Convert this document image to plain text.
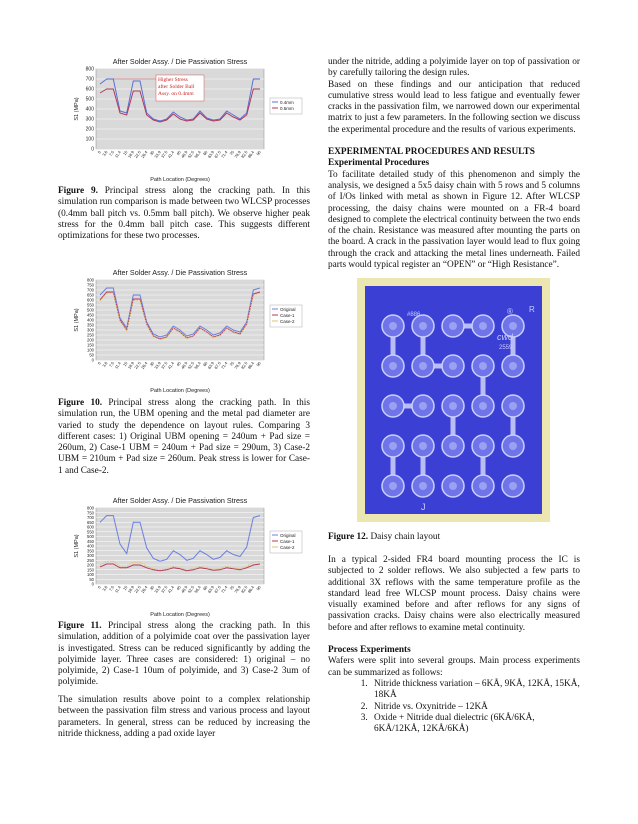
After Solder Assy. / Die Passivation Stress
0
100
200
300
400
500
600
700
800
S1 (MPa)
0 3.6 7.5
11.4 15
18.9
22.5
26.4 30
33.9
37.5
41.4 45
48.9
52.5
56.4 60
63.9
67.5
71.4 75
78.9
82.5
86.4 90
Path Location (Degrees)
0.4mm
0.5mm
Higher Stress
after Solder Ball
Assy. on 0.4mm

Figure 9. Principal stress along the cracking path. In this simulation run comparison is made between two WLCSP processes (0.4mm ball pitch vs. 0.5mm ball pitch). We observe higher peak stress for the 0.4mm ball pitch case. This suggests different optimizations for these two processes.

After Solder Assy. / Die Passivation Stress
0
50
100
150
200
250
300
350
400
450
500
550
600
650
700
750
800
S1 (MPa)
0 3.6 7.5
11.4 15
18.9
22.5
26.4 30
33.9
37.5
41.4 45
48.9
52.5
56.4 60
63.9
67.5
71.4 75
78.9
82.5
86.4 90
Path Location (Degrees)
Original
Case-1
Case-2

Figure 10. Principal stress along the cracking path. In this simulation run, the UBM opening and the metal pad diameter are varied to study the dependence on layout rules. Comparing 3 different cases: 1) Original UBM opening = 240um + Pad size = 260um, 2) Case-1 UBM = 240um + Pad size = 290um, 3) Case-2 UBM = 210um + Pad size = 260um. Peak stress is lower for Case-1 and Case-2.

After Solder Assy. / Die Passivation Stress
0
50
100
150
200
250
300
350
400
450
500
550
600
650
700
750
800
S1 (MPa)
0 3.6 7.5
11.4 15
18.9
22.5
26.4 30
33.9
37.5
41.4 45
48.9
52.5
56.4 60
63.9
67.5
71.4 75
78.9
82.5
86.4 90
Path Location (Degrees)
Original
Case-1
Case-2

Figure 11. Principal stress along the cracking path. In this simulation, addition of a polyimide coat over the passivation layer is investigated. Stress can be reduced significantly by adding the polyimide layer. Three cases are considered: 1) original – no polyimide, 2) Case-1 10um of polyimide, and 3) Case-2 3um of polyimide.

The simulation results above point to a complex relationship between the passivation film stress and various process and layout parameters. In general, stress can be reduced by increasing the nitride thickness, adding a pad oxide layer

under the nitride, adding a polyimide layer on top of passivation or by carefully tailoring the design rules.

Based on these findings and our anticipation that reduced cumulative stress would lead to less fatigue and eventually fewer cracks in the passivation film, we narrowed down our experimental matrix to just a few parameters. In the following section we discuss the experimental procedure and the results of various experiments.

EXPERIMENTAL PROCEDURES AND RESULTS

Experimental Procedures

To facilitate detailed study of this phenomenon and simply the analysis, we designed a 5x5 daisy chain with 5 rows and 5 columns of I/Os linked with metal as shown in Figure 12. After WLCSP processing, the daisy chains were mounted on a FR-4 board designed to complete the electrical continuity between the two ends of the chain. Resistance was measured after mounting the parts on the board. A crack in the passivation layer would lead to flux going through the crack and attacking the metal lines underneath. Failed parts would typical register an “OPEN” or “High Resistance”.

#886	® R
cwd
2559
J

Figure 12. Daisy chain layout

In a typical 2-sided FR4 board mounting process the IC is subjected to 2 solder reflows. We also subjected a few parts to additional 3X reflows with the same temperature profile as the standard lead free WLCSP mount process. Daisy chains were visually examined before and after reflows for any signs of passivation cracks. Daisy chains were also electrically measured before and after reflows to examine metal continuity.

Process Experiments

Wafers were split into several groups. Main process experiments can be summarized as follows:

1. Nitride thickness variation – 6KÅ, 9KÅ, 12KÅ, 15KÅ, 18KÅ
2. Nitride vs. Oxynitride – 12KÅ
3. Oxide + Nitride dual dielectric (6KÅ/6KÅ, 6KÅ/12KÅ, 12KÅ/6KÅ)
